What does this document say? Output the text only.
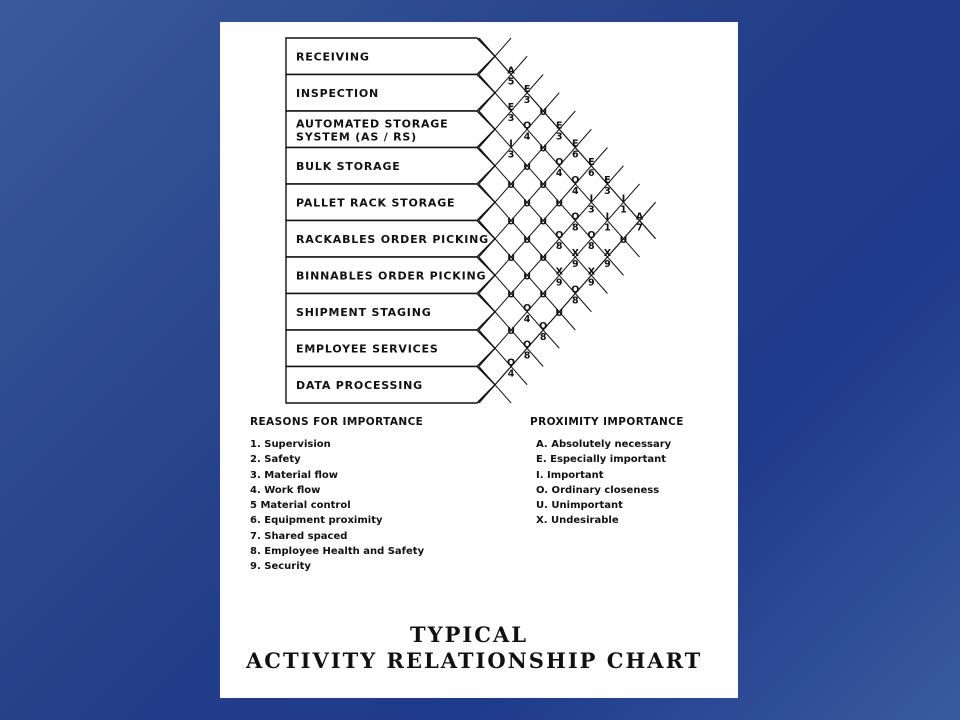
RECEIVING
INSPECTION
AUTOMATED STORAGE
SYSTEM (AS / RS)
BULK STORAGE
PALLET RACK STORAGE
RACKABLES ORDER PICKING
BINNABLES ORDER PICKING
SHIPMENT STAGING
EMPLOYEE SERVICES
DATA PROCESSING
A
5
E
3
I
3
U
U
U
U
U
O
4
E
3
O
4
U
U
U
U
O
4
O
8
U
U
U
U
U
U
O
8
E
3
O
4
U
O
8
X
9
U
E
6
O
4
O
8
X
9
O
8
E
6
I
3
O
8
X
9
E
3
I
1
X
9
I
1
U
A
7
REASONS FOR IMPORTANCE
1. Supervision
2. Safety
3. Material flow
4. Work flow
5 Material control
6. Equipment proximity
7. Shared spaced
8. Employee Health and Safety
9. Security
PROXIMITY IMPORTANCE
A. Absolutely necessary
E. Especially important
I. Important
O. Ordinary closeness
U. Unimportant
X. Undesirable
TYPICAL
ACTIVITY RELATIONSHIP CHART
